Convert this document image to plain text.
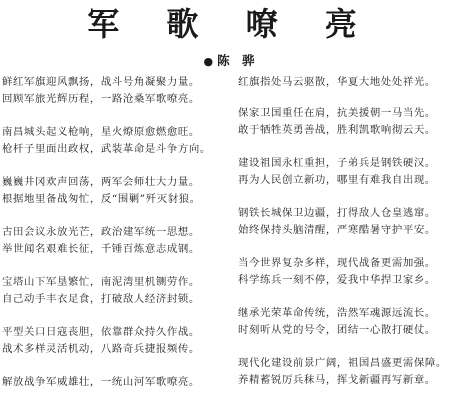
军 歌 嘹 亮
● 陈 骅
鲜红军旗迎风飘扬，战斗号角凝聚力量。
回顾军旅光辉历程，一路沧桑军歌嘹亮。
南昌城头起义枪响，星火燎原愈燃愈旺。
枪杆子里面出政权，武装革命是斗争方向。
巍巍井冈欢声回荡，两军会师壮大力量。
根据地里备战匆忙，反“围剿”歼灭豺狼。
古田会议永放光芒，政治建军统一思想。
举世闻名艰难长征，千锤百炼意志成钢。
宝塔山下军垦繁忙，南泥湾里机铡劳作。
自己动手丰衣足食，打破敌人经济封锁。
平型关口日寇丧胆，依靠群众持久作战。
战术多样灵活机动，八路奇兵捷报频传。
解放战争军威雄壮，一统山河军歌嘹亮。
红旗指处马云驱散，华夏大地处处祥光。
保家卫国重任在肩，抗美援朝一马当先。
敢于牺牲英勇善战，胜利凯歌响彻云天。
建设祖国永杠重担，子弟兵是钢铁硬汉。
再为人民创立新功，哪里有难我自出现。
钢铁长城保卫边疆，打得敌人仓皇逃窜。
始终保持头脑清醒，严寒酷暑守护平安。
当今世界复杂多样，现代战备更需加强。
科学练兵一刻不停，爱我中华捍卫家乡。
继承光荣革命传统，浩然军魂源远流长。
时刻听从党的号令，团结一心散打硬仗。
现代化建设前景广阔，祖国昌盛更需保障。
养精蓄锐厉兵秣马，挥戈新疆再写新章。
